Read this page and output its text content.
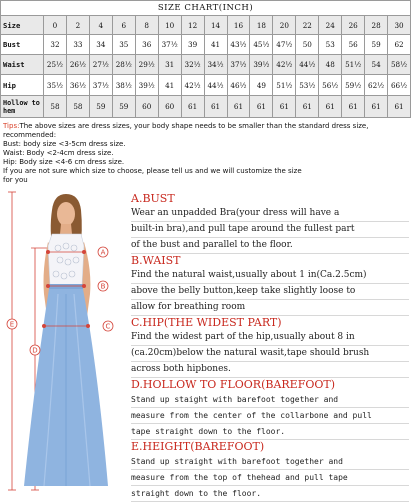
SIZE CHART(INCH)																
Size	0	2	4	6	8	10	12	14	16	18	20	22	24	26	28	30
Bust	32	33	34	35	36	37½	39	41	43½	45½	47½	50	53	56	59	62
Waist	25½	26½	27½	28½	29½	31	32½	34½	37½	39½	42½	44½	48	51½	54	58½
Hip	35½	36½	37½	38½	39½	41	42½	44½	46½	49	51½	53½	56½	59½	62½	66½
Hollow to hem	58	58	59	59	60	60	61	61	61	61	61	61	61	61	61	61
Tips:The above sizes are dress sizes, your body shape needs to be smaller than the standard dress size,
recommended:
Bust: body size <3-5cm dress size.
Waist: Body <2-4cm dress size.
Hip: Body size <4-6 cm dress size.
If you are not sure which size to choose, please tell us and we will customize the size
for you
A
B
C
D
E
A.BUST
Wear an unpadded Bra(your dress will have a
built-in bra),and pull tape around the fullest part
of the bust and parallel to the floor.
B.WAIST
Find the natural waist,usually about 1 in(Ca.2.5cm)
above the belly button,keep take slightly loose to
allow for breathing room
C.HIP(THE WIDEST PART)
Find the widest part of the hip,usually about 8 in
(ca.20cm)below the natural wasit,tape should brush
across both hipbones.
D.HOLLOW TO FLOOR(BAREFOOT)
Stand up staight with barefoot together and
measure from the center of the collarbone and pull
tape straight down to the floor.
E.HEIGHT(BAREFOOT)
Stand up straight with barefoot together and
measure from the top of thehead and pull tape
straight down to the floor.
